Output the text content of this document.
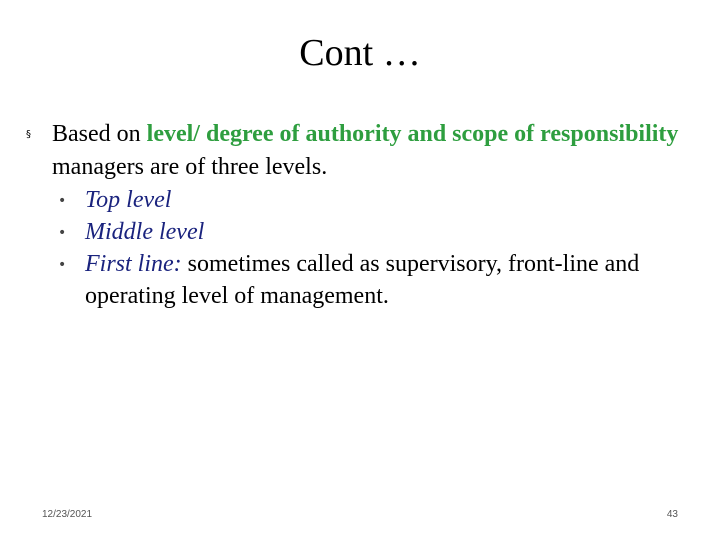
Cont …
§ Based on level/ degree of authority and scope of responsibility managers are of three levels.
• Top level
• Middle level
• First line: sometimes called as supervisory, front-line and operating level of management.
12/23/2021	43
